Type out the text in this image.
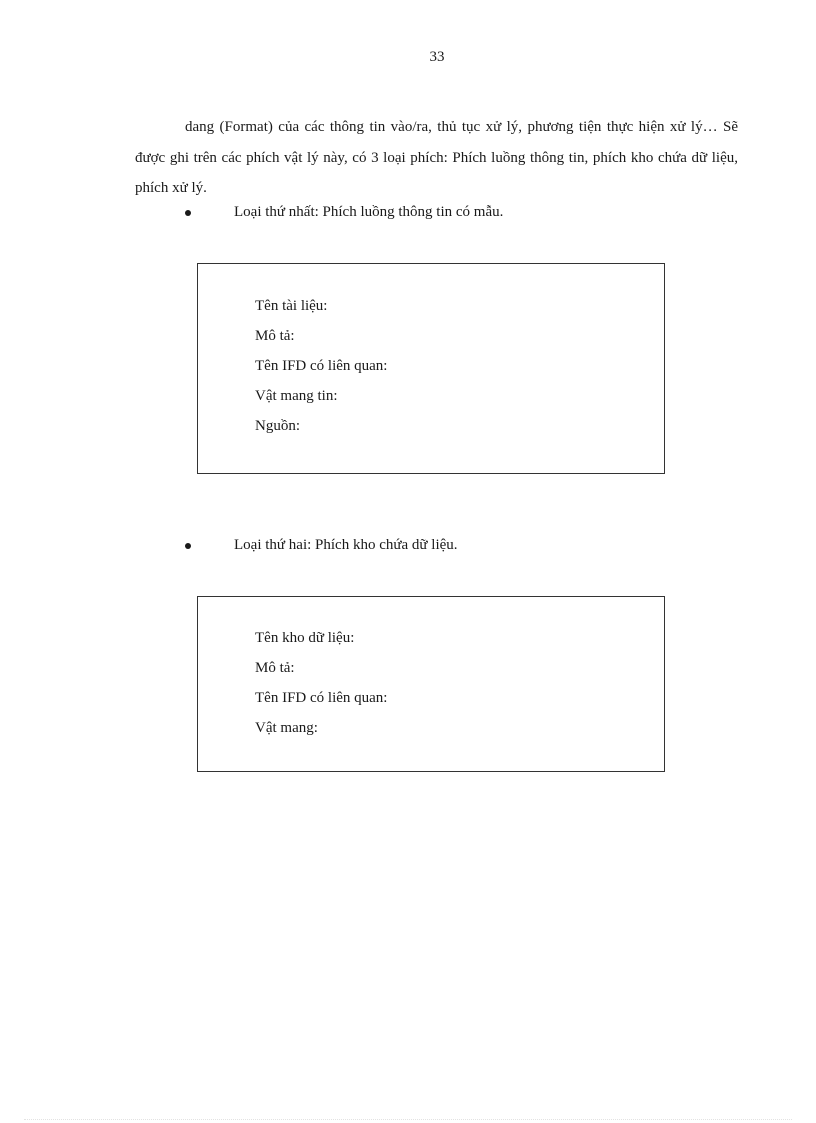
33

dang (Format) của các thông tin vào/ra, thủ tục xử lý, phương tiện thực hiện xử lý… Sẽ được ghi trên các phích vật lý này, có 3 loại phích: Phích luồng thông tin, phích kho chứa dữ liệu, phích xử lý.

Loại thứ nhất: Phích luồng thông tin có mẫu.
Tên tài liệu:
Mô tả:
Tên IFD có liên quan:
Vật mang tin:
Nguồn:
Loại thứ hai: Phích kho chứa dữ liệu.
Tên kho dữ liệu:
Mô tả:
Tên IFD có liên quan:
Vật mang:
